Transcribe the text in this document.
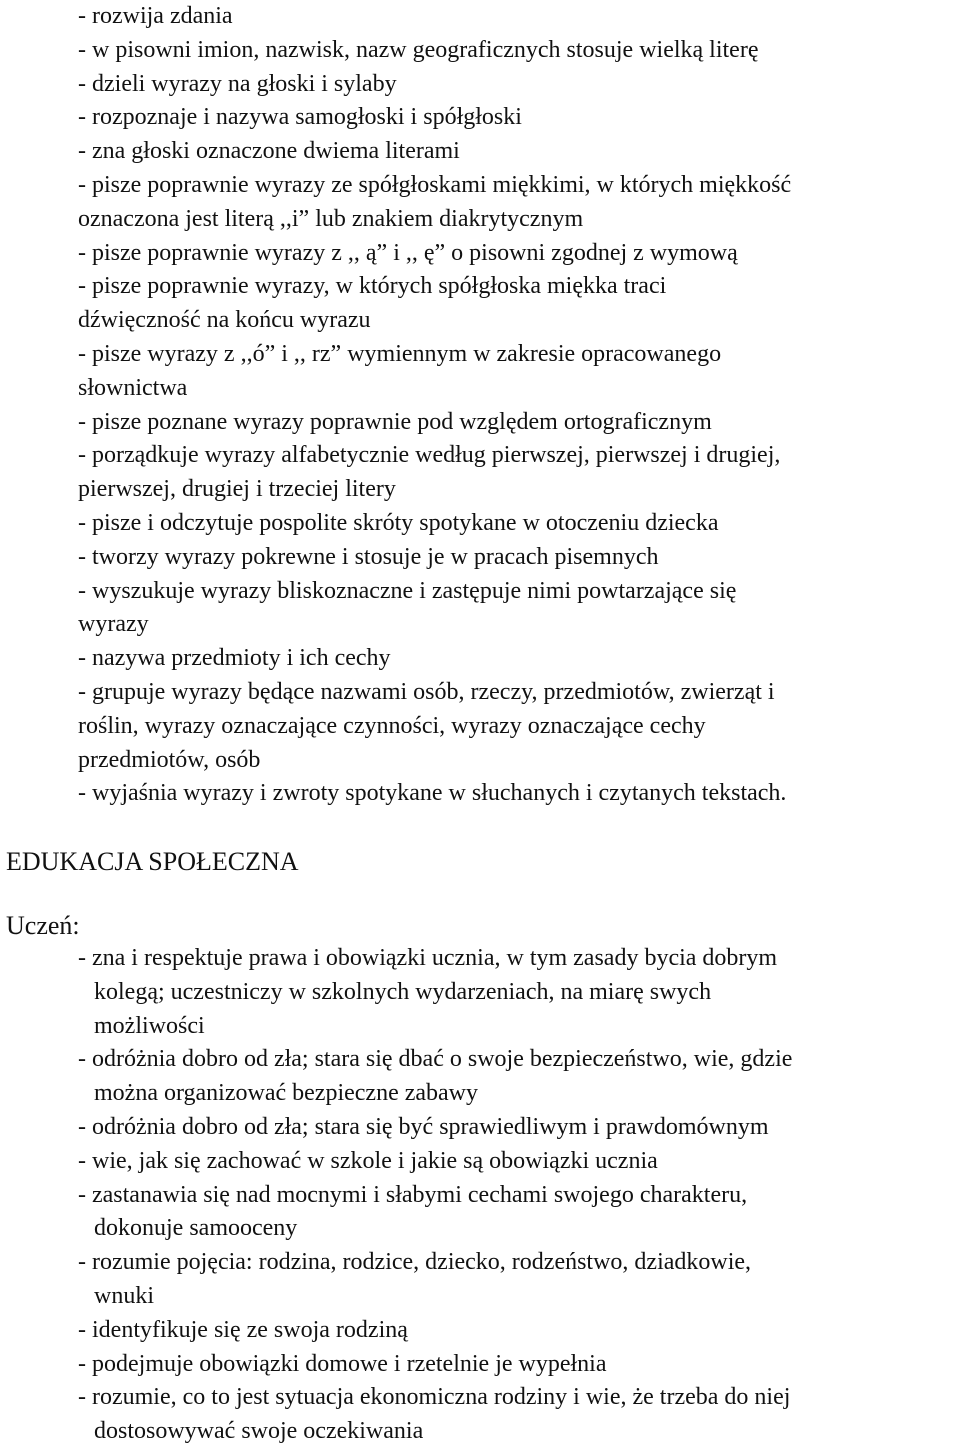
- rozwija zdania
- w pisowni imion, nazwisk, nazw geograficznych stosuje wielką literę
- dzieli wyrazy na głoski i sylaby
- rozpoznaje i nazywa samogłoski i spółgłoski
- zna głoski oznaczone dwiema literami
- pisze poprawnie wyrazy ze spółgłoskami miękkimi, w których miękkość
oznaczona jest literą ,,i” lub znakiem diakrytycznym
- pisze poprawnie wyrazy z ,, ą” i ,, ę” o pisowni zgodnej z wymową
- pisze poprawnie wyrazy, w których spółgłoska miękka traci
dźwięczność na końcu wyrazu
- pisze wyrazy z ,,ó” i ,, rz” wymiennym w zakresie opracowanego
słownictwa
- pisze poznane wyrazy poprawnie pod względem ortograficznym
- porządkuje wyrazy alfabetycznie według pierwszej, pierwszej i drugiej,
pierwszej, drugiej i trzeciej litery
- pisze i odczytuje pospolite skróty spotykane w otoczeniu dziecka
- tworzy wyrazy pokrewne i stosuje je w pracach pisemnych
- wyszukuje wyrazy bliskoznaczne i zastępuje nimi powtarzające się
wyrazy
- nazywa przedmioty i ich cechy
- grupuje wyrazy będące nazwami osób, rzeczy, przedmiotów, zwierząt i
roślin, wyrazy oznaczające czynności, wyrazy oznaczające cechy
przedmiotów, osób
- wyjaśnia wyrazy i zwroty spotykane w słuchanych i czytanych tekstach.
EDUKACJA SPOŁECZNA
Uczeń:
- zna i respektuje prawa i obowiązki ucznia, w tym zasady bycia dobrym
kolegą; uczestniczy w szkolnych wydarzeniach, na miarę swych
możliwości
- odróżnia dobro od zła; stara się dbać o swoje bezpieczeństwo, wie, gdzie
można organizować bezpieczne zabawy
- odróżnia dobro od zła; stara się być sprawiedliwym i prawdomównym
- wie, jak się zachować w szkole i jakie są obowiązki ucznia
- zastanawia się nad mocnymi i słabymi cechami swojego charakteru,
dokonuje samooceny
- rozumie pojęcia: rodzina, rodzice, dziecko, rodzeństwo, dziadkowie,
wnuki
- identyfikuje się ze swoja rodziną
- podejmuje obowiązki domowe i rzetelnie je wypełnia
- rozumie, co to jest sytuacja ekonomiczna rodziny i wie, że trzeba do niej
dostosowywać swoje oczekiwania
